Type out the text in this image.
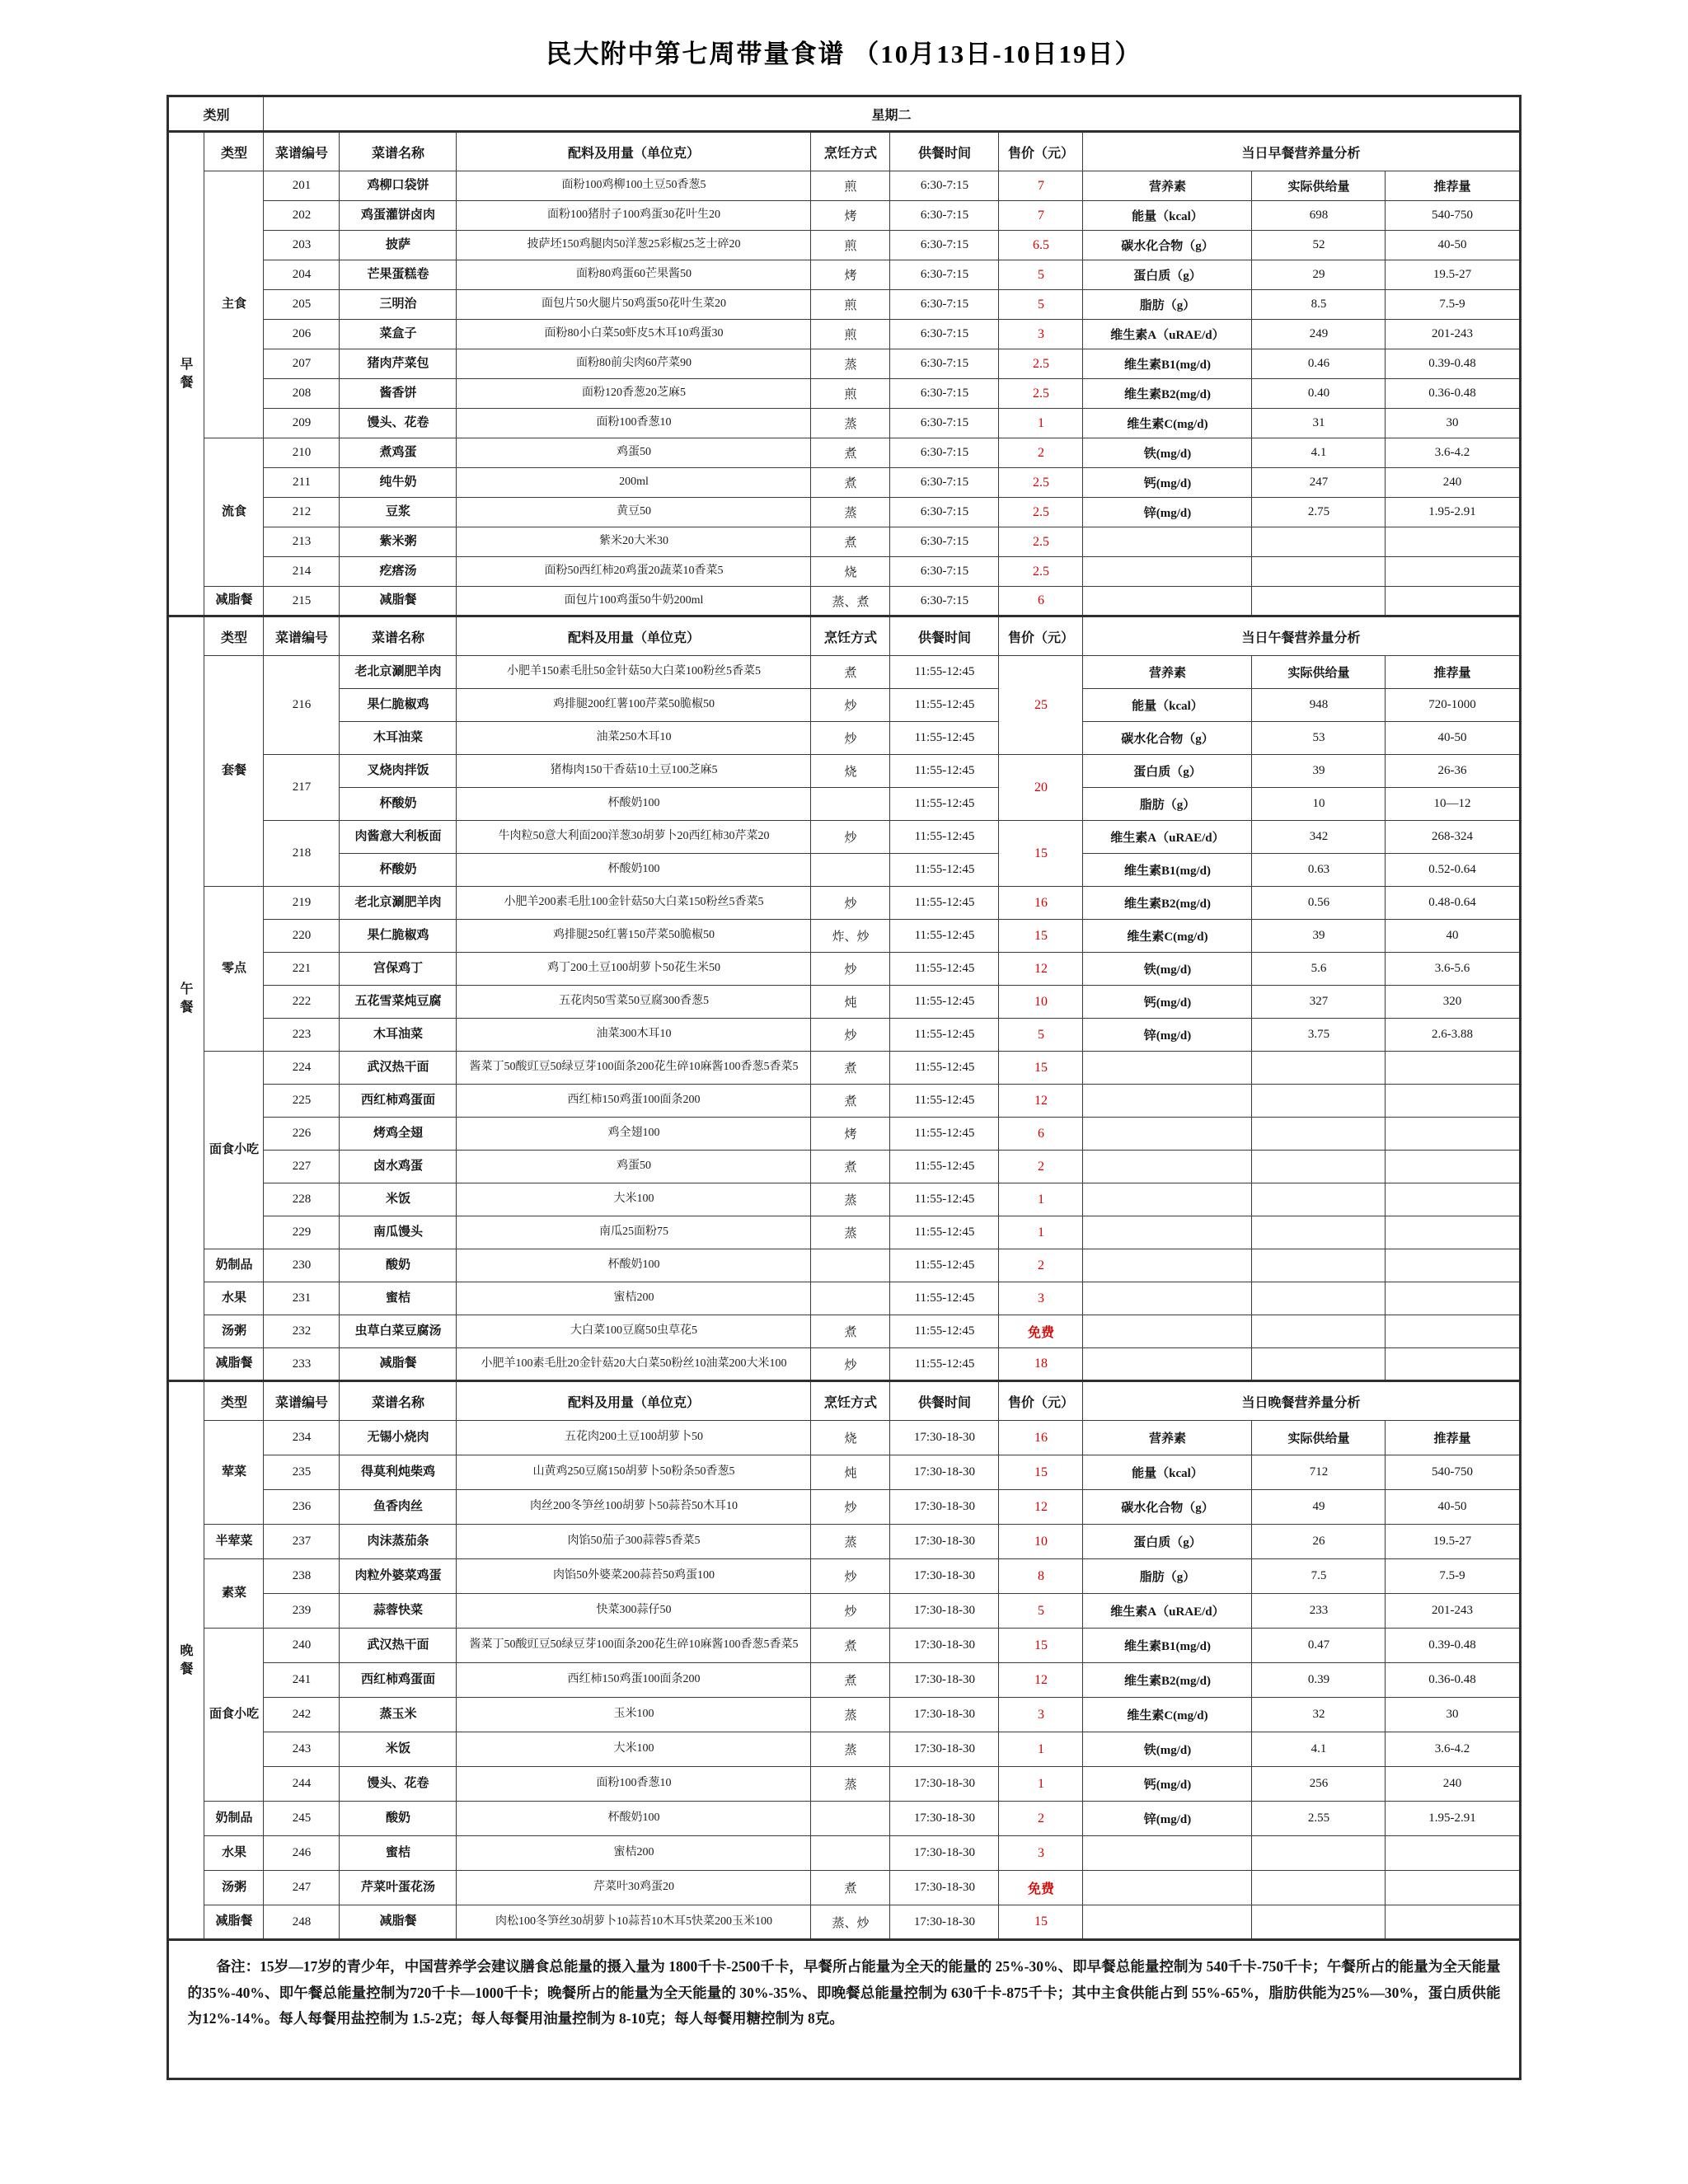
民大附中第七周带量食谱 （10月13日-10日19日）
类别		星期二								
早餐	类型	菜谱编号	菜谱名称	配料及用量（单位克）	烹饪方式	供餐时间	售价（元）	当日早餐营养量分析		
	主食	201	鸡柳口袋饼	面粉100鸡柳100土豆50香葱5	煎	6:30-7:15	7	营养素	实际供给量	推荐量
		202	鸡蛋灌饼卤肉	面粉100猪肘子100鸡蛋30花叶生20	烤	6:30-7:15	7	能量（kcal）	698	540-750
		203	披萨	披萨坯150鸡腿肉50洋葱25彩椒25芝士碎20	煎	6:30-7:15	6.5	碳水化合物（g）	52	40-50
		204	芒果蛋糕卷	面粉80鸡蛋60芒果酱50	烤	6:30-7:15	5	蛋白质（g）	29	19.5-27
		205	三明治	面包片50火腿片50鸡蛋50花叶生菜20	煎	6:30-7:15	5	脂肪（g）	8.5	7.5-9
		206	菜盒子	面粉80小白菜50虾皮5木耳10鸡蛋30	煎	6:30-7:15	3	维生素A（uRAE/d）	249	201-243
		207	猪肉芹菜包	面粉80前尖肉60芹菜90	蒸	6:30-7:15	2.5	维生素B1(mg/d)	0.46	0.39-0.48
		208	酱香饼	面粉120香葱20芝麻5	煎	6:30-7:15	2.5	维生素B2(mg/d)	0.40	0.36-0.48
		209	馒头、花卷	面粉100香葱10	蒸	6:30-7:15	1	维生素C(mg/d)	31	30
	流食	210	煮鸡蛋	鸡蛋50	煮	6:30-7:15	2	铁(mg/d)	4.1	3.6-4.2
		211	纯牛奶	200ml	煮	6:30-7:15	2.5	钙(mg/d)	247	240
		212	豆浆	黄豆50	蒸	6:30-7:15	2.5	锌(mg/d)	2.75	1.95-2.91
		213	紫米粥	紫米20大米30	煮	6:30-7:15	2.5			
		214	疙瘩汤	面粉50西红柿20鸡蛋20蔬菜10香菜5	烧	6:30-7:15	2.5			
	减脂餐	215	减脂餐	面包片100鸡蛋50牛奶200ml	蒸、煮	6:30-7:15	6			
午餐	类型	菜谱编号	菜谱名称	配料及用量（单位克）	烹饪方式	供餐时间	售价（元）	当日午餐营养量分析		
	套餐	216	老北京涮肥羊肉	小肥羊150素毛肚50金针菇50大白菜100粉丝5香菜5	煮	11:55-12:45	25	营养素	实际供给量	推荐量
			果仁脆椒鸡	鸡排腿200红薯100芹菜50脆椒50	炒	11:55-12:45		能量（kcal）	948	720-1000
			木耳油菜	油菜250木耳10	炒	11:55-12:45		碳水化合物（g）	53	40-50
		217	叉烧肉拌饭	猪梅肉150干香菇10土豆100芝麻5	烧	11:55-12:45	20	蛋白质（g）	39	26-36
			杯酸奶	杯酸奶100		11:55-12:45		脂肪（g）	10	10—12
		218	肉酱意大利板面	牛肉粒50意大利面200洋葱30胡萝卜20西红柿30芹菜20	炒	11:55-12:45	15	维生素A（uRAE/d）	342	268-324
			杯酸奶	杯酸奶100		11:55-12:45		维生素B1(mg/d)	0.63	0.52-0.64
	零点	219	老北京涮肥羊肉	小肥羊200素毛肚100金针菇50大白菜150粉丝5香菜5	炒	11:55-12:45	16	维生素B2(mg/d)	0.56	0.48-0.64
		220	果仁脆椒鸡	鸡排腿250红薯150芹菜50脆椒50	炸、炒	11:55-12:45	15	维生素C(mg/d)	39	40
		221	宫保鸡丁	鸡丁200土豆100胡萝卜50花生米50	炒	11:55-12:45	12	铁(mg/d)	5.6	3.6-5.6
		222	五花雪菜炖豆腐	五花肉50雪菜50豆腐300香葱5	炖	11:55-12:45	10	钙(mg/d)	327	320
		223	木耳油菜	油菜300木耳10	炒	11:55-12:45	5	锌(mg/d)	3.75	2.6-3.88
	面食小吃	224	武汉热干面	酱菜丁50酸豇豆50绿豆芽100面条200花生碎10麻酱100香葱5香菜5	煮	11:55-12:45	15			
		225	西红柿鸡蛋面	西红柿150鸡蛋100面条200	煮	11:55-12:45	12			
		226	烤鸡全翅	鸡全翅100	烤	11:55-12:45	6			
		227	卤水鸡蛋	鸡蛋50	煮	11:55-12:45	2			
		228	米饭	大米100	蒸	11:55-12:45	1			
		229	南瓜馒头	南瓜25面粉75	蒸	11:55-12:45	1			
	奶制品	230	酸奶	杯酸奶100		11:55-12:45	2			
	水果	231	蜜桔	蜜桔200		11:55-12:45	3			
	汤粥	232	虫草白菜豆腐汤	大白菜100豆腐50虫草花5	煮	11:55-12:45	免费			
	减脂餐	233	减脂餐	小肥羊100素毛肚20金针菇20大白菜50粉丝10油菜200大米100	炒	11:55-12:45	18			
晚餐	类型	菜谱编号	菜谱名称	配料及用量（单位克）	烹饪方式	供餐时间	售价（元）	当日晚餐营养量分析		
	荤菜	234	无锡小烧肉	五花肉200土豆100胡萝卜50	烧	17:30-18-30	16	营养素	实际供给量	推荐量
		235	得莫利炖柴鸡	山黄鸡250豆腐150胡萝卜50粉条50香葱5	炖	17:30-18-30	15	能量（kcal）	712	540-750
		236	鱼香肉丝	肉丝200冬笋丝100胡萝卜50蒜苔50木耳10	炒	17:30-18-30	12	碳水化合物（g）	49	40-50
	半荤菜	237	肉沫蒸茄条	肉馅50茄子300蒜蓉5香菜5	蒸	17:30-18-30	10	蛋白质（g）	26	19.5-27
	素菜	238	肉粒外婆菜鸡蛋	肉馅50外婆菜200蒜苔50鸡蛋100	炒	17:30-18-30	8	脂肪（g）	7.5	7.5-9
		239	蒜蓉快菜	快菜300蒜仔50	炒	17:30-18-30	5	维生素A（uRAE/d）	233	201-243
	面食小吃	240	武汉热干面	酱菜丁50酸豇豆50绿豆芽100面条200花生碎10麻酱100香葱5香菜5	煮	17:30-18-30	15	维生素B1(mg/d)	0.47	0.39-0.48
		241	西红柿鸡蛋面	西红柿150鸡蛋100面条200	煮	17:30-18-30	12	维生素B2(mg/d)	0.39	0.36-0.48
		242	蒸玉米	玉米100	蒸	17:30-18-30	3	维生素C(mg/d)	32	30
		243	米饭	大米100	蒸	17:30-18-30	1	铁(mg/d)	4.1	3.6-4.2
		244	馒头、花卷	面粉100香葱10	蒸	17:30-18-30	1	钙(mg/d)	256	240
	奶制品	245	酸奶	杯酸奶100		17:30-18-30	2	锌(mg/d)	2.55	1.95-2.91
	水果	246	蜜桔	蜜桔200		17:30-18-30	3			
	汤粥	247	芹菜叶蛋花汤	芹菜叶30鸡蛋20	煮	17:30-18-30	免费			
	减脂餐	248	减脂餐	肉松100冬笋丝30胡萝卜10蒜苔10木耳5快菜200玉米100	蒸、炒	17:30-18-30	15			
备注：15岁—17岁的青少年，中国营养学会建议膳食总能量的摄入量为 1800千卡-2500千卡，早餐所占能量为全天的能量的 25%-30%、即早餐总能量控制为 540千卡-750千卡；午餐所占的能量为全天能量的35%-40%、即午餐总能量控制为720千卡—1000千卡；晚餐所占的能量为全天能量的 30%-35%、即晚餐总能量控制为 630千卡-875千卡；其中主食供能占到 55%-65%，脂肪供能为25%—30%，蛋白质供能为12%-14%。每人每餐用盐控制为 1.5-2克；每人每餐用油量控制为 8-10克；每人每餐用糖控制为 8克。										
